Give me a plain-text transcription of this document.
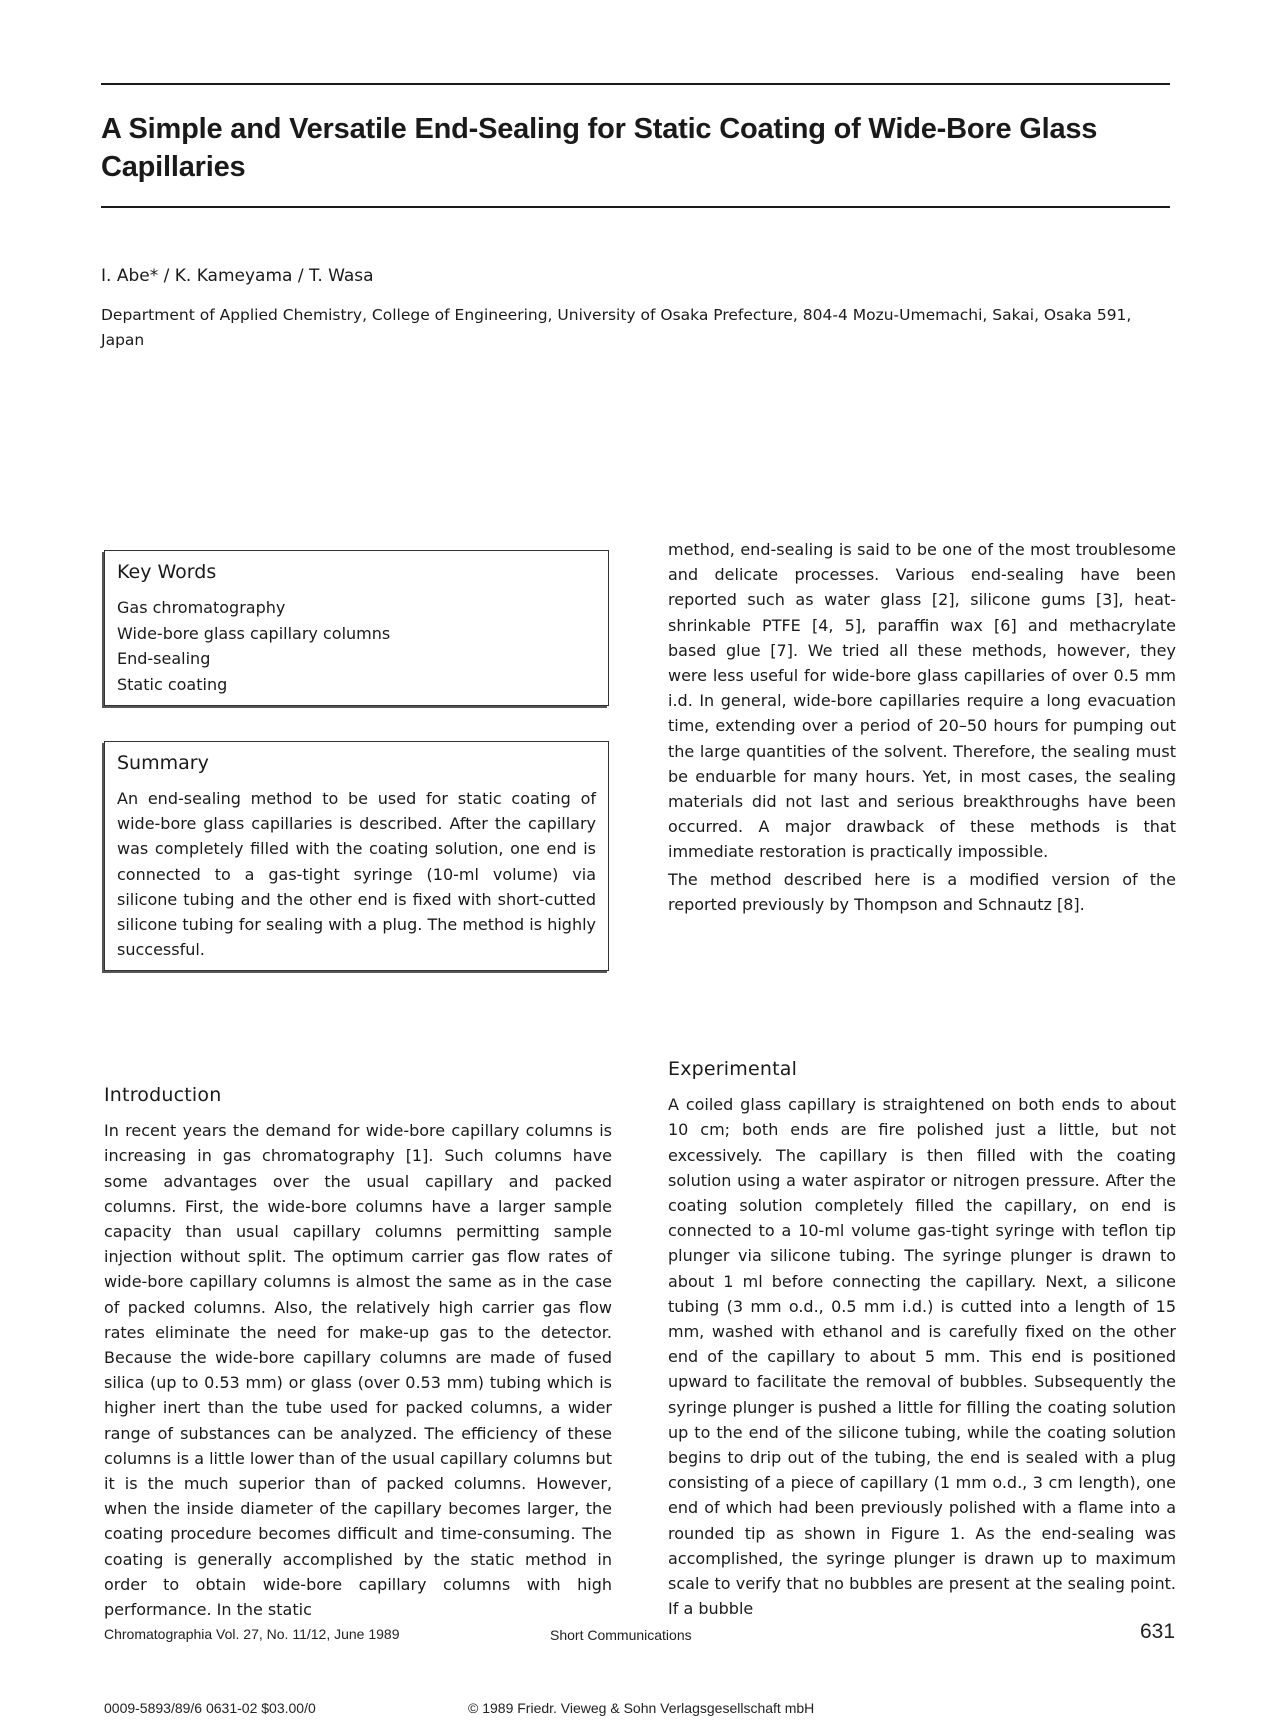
A Simple and Versatile End-Sealing for Static Coating of Wide-Bore Glass Capillaries
I. Abe* / K. Kameyama / T. Wasa
Department of Applied Chemistry, College of Engineering, University of Osaka Prefecture, 804-4 Mozu-Umemachi, Sakai, Osaka 591, Japan
Key Words
Gas chromatography
Wide-bore glass capillary columns
End-sealing
Static coating
Summary
An end-sealing method to be used for static coating of wide-bore glass capillaries is described. After the capillary was completely filled with the coating solution, one end is connected to a gas-tight syringe (10-ml volume) via silicone tubing and the other end is fixed with short-cutted silicone tubing for sealing with a plug. The method is highly successful.
Introduction

In recent years the demand for wide-bore capillary columns is increasing in gas chromatography [1]. Such columns have some advantages over the usual capillary and packed columns. First, the wide-bore columns have a larger sample capacity than usual capillary columns permitting sample injection without split. The optimum carrier gas flow rates of wide-bore capillary columns is almost the same as in the case of packed columns. Also, the relatively high carrier gas flow rates eliminate the need for make-up gas to the detector. Because the wide-bore capillary columns are made of fused silica (up to 0.53 mm) or glass (over 0.53 mm) tubing which is higher inert than the tube used for packed columns, a wider range of substances can be analyzed. The efficiency of these columns is a little lower than of the usual capillary columns but it is the much superior than of packed columns. However, when the inside diameter of the capillary becomes larger, the coating procedure becomes difficult and time-consuming. The coating is generally accomplished by the static method in order to obtain wide-bore capillary columns with high performance. In the static

method, end-sealing is said to be one of the most troublesome and delicate processes. Various end-sealing have been reported such as water glass [2], silicone gums [3], heat-shrinkable PTFE [4, 5], paraffin wax [6] and methacrylate based glue [7]. We tried all these methods, however, they were less useful for wide-bore glass capillaries of over 0.5 mm i.d. In general, wide-bore capillaries require a long evacuation time, extending over a period of 20–50 hours for pumping out the large quantities of the solvent. Therefore, the sealing must be enduarble for many hours. Yet, in most cases, the sealing materials did not last and serious breakthroughs have been occurred. A major drawback of these methods is that immediate restoration is practically impossible.

The method described here is a modified version of the reported previously by Thompson and Schnautz [8].

Experimental

A coiled glass capillary is straightened on both ends to about 10 cm; both ends are fire polished just a little, but not excessively. The capillary is then filled with the coating solution using a water aspirator or nitrogen pressure. After the coating solution completely filled the capillary, on end is connected to a 10-ml volume gas-tight syringe with teflon tip plunger via silicone tubing. The syringe plunger is drawn to about 1 ml before connecting the capillary. Next, a silicone tubing (3 mm o.d., 0.5 mm i.d.) is cutted into a length of 15 mm, washed with ethanol and is carefully fixed on the other end of the capillary to about 5 mm. This end is positioned upward to facilitate the removal of bubbles. Subsequently the syringe plunger is pushed a little for filling the coating solution up to the end of the silicone tubing, while the coating solution begins to drip out of the tubing, the end is sealed with a plug consisting of a piece of capillary (1 mm o.d., 3 cm length), one end of which had been previously polished with a flame into a rounded tip as shown in Figure 1. As the end-sealing was accomplished, the syringe plunger is drawn up to maximum scale to verify that no bubbles are present at the sealing point. If a bubble

Chromatographia Vol. 27, No. 11/12, June 1989	Short Communications	631
0009-5893/89/6 0631-02 $03.00/0	© 1989 Friedr. Vieweg & Sohn Verlagsgesellschaft mbH
